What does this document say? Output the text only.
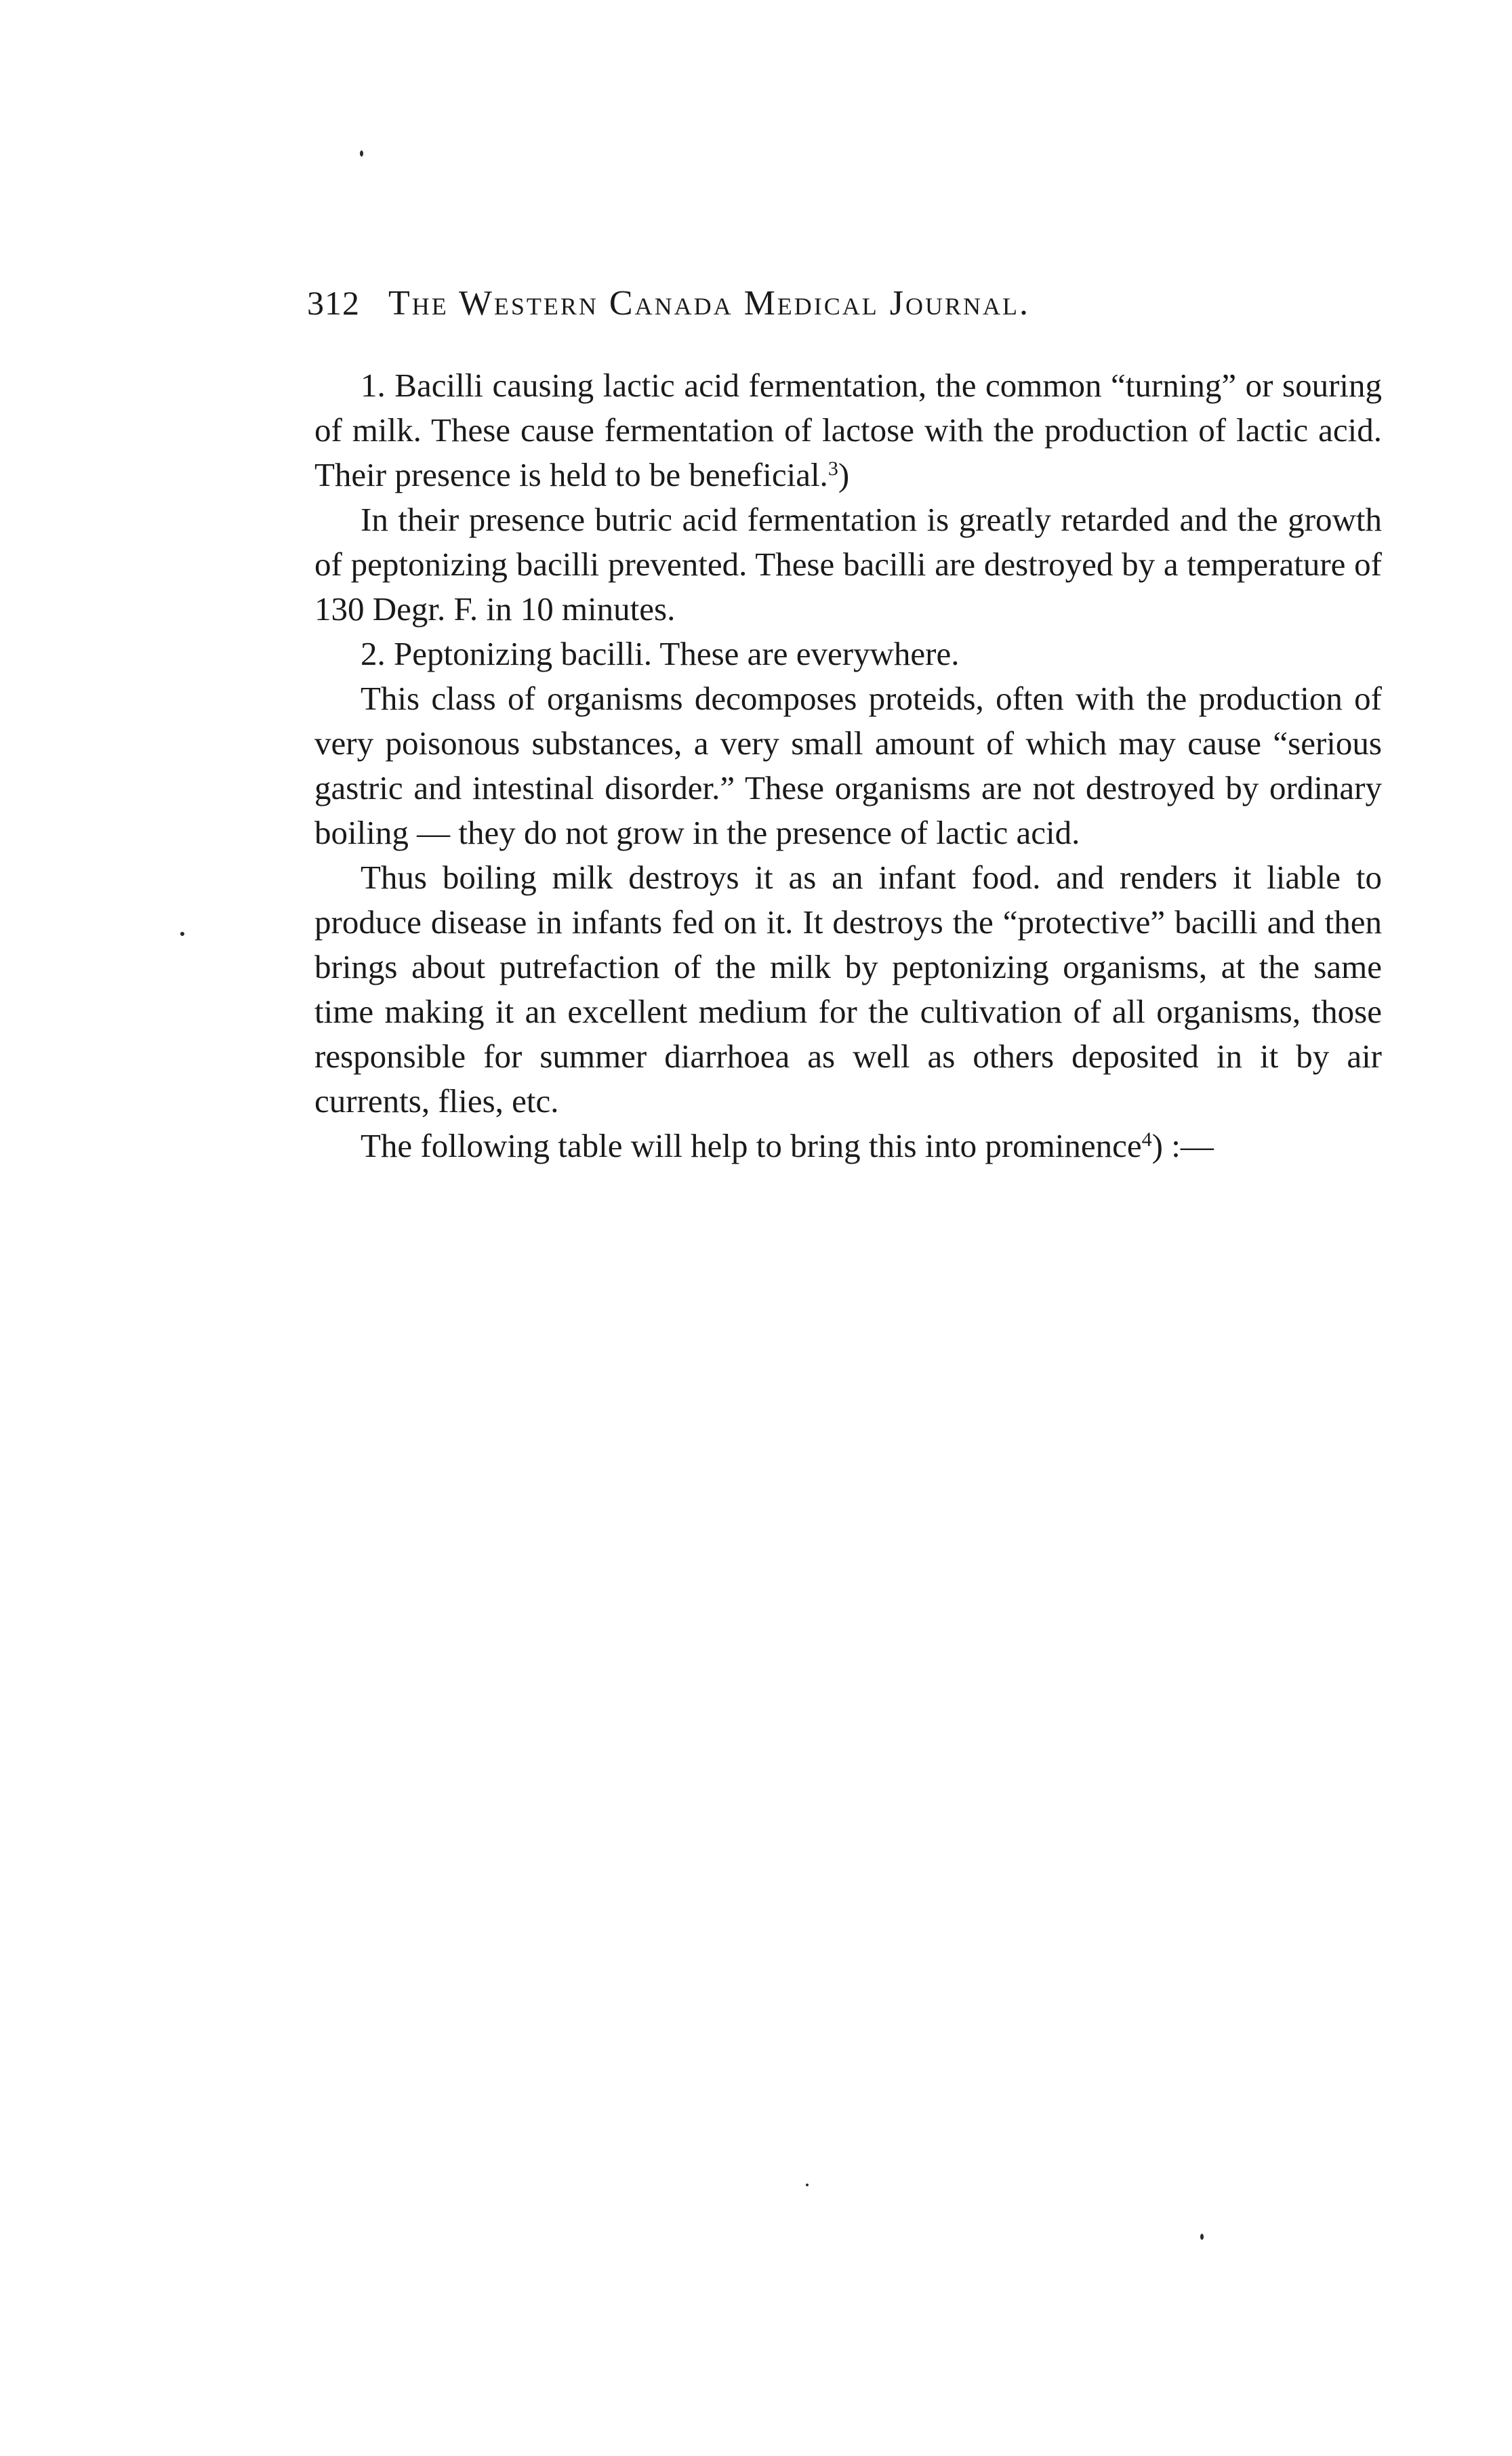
312 The Western Canada Medical Journal.

1. Bacilli causing lactic acid fermentation, the common “turning” or souring of milk. These cause fermentation of lactose with the production of lactic acid. Their presence is held to be beneficial.$^3$)

In their presence butric acid fermentation is greatly retarded and the growth of peptonizing bacilli prevented. These bacilli are destroyed by a temperature of 130 Degr. F. in 10 minutes.

2. Peptonizing bacilli. These are everywhere.

This class of organisms decomposes proteids, often with the production of very poisonous substances, a very small amount of which may cause “serious gastric and intestinal disorder.” These organisms are not destroyed by ordinary boiling — they do not grow in the presence of lactic acid.

Thus boiling milk destroys it as an infant food. and renders it liable to produce disease in infants fed on it. It destroys the “protective” bacilli and then brings about putrefaction of the milk by peptonizing organisms, at the same time making it an excellent medium for the cultivation of all organisms, those responsible for summer diarrhoea as well as others deposited in it by air currents, flies, etc.

The following table will help to bring this into prominence$^4$) :—
